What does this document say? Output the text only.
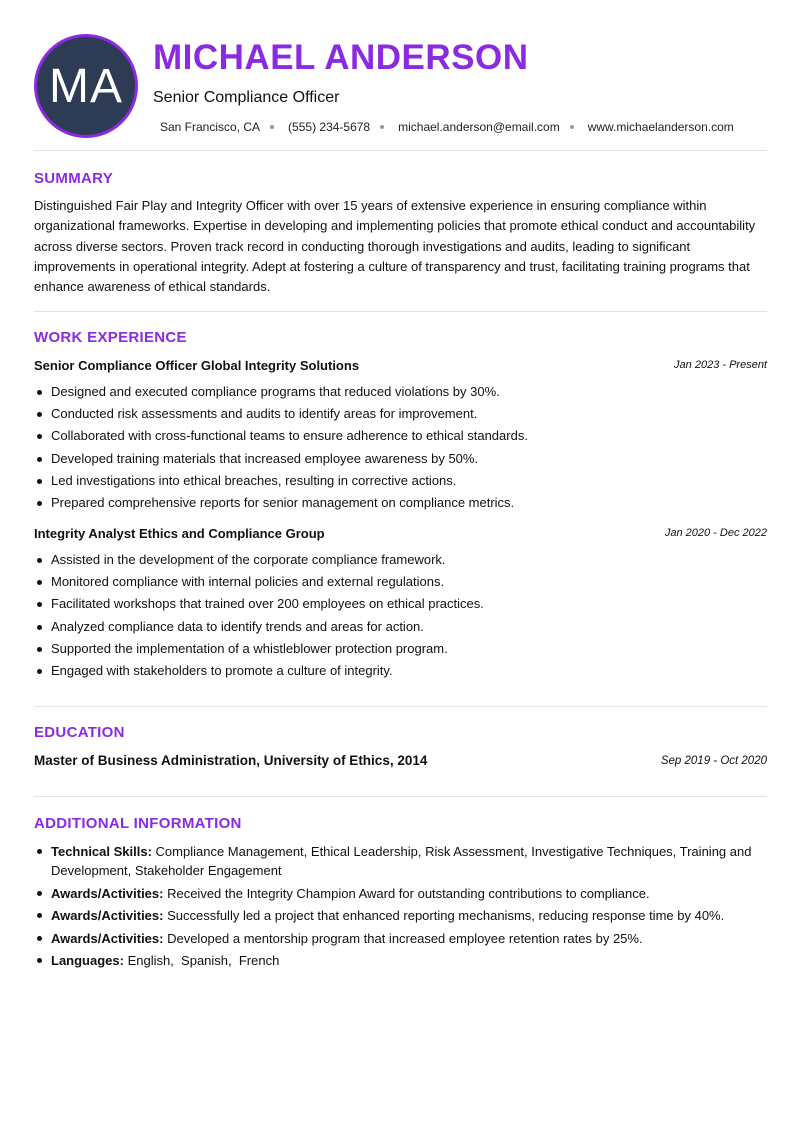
MA
MICHAEL ANDERSON
Senior Compliance Officer
San Francisco, CA (555) 234-5678 michael.anderson@email.com www.michaelanderson.com
SUMMARY
Distinguished Fair Play and Integrity Officer with over 15 years of extensive experience in ensuring compliance within organizational frameworks. Expertise in developing and implementing policies that promote ethical conduct and accountability across diverse sectors. Proven track record in conducting thorough investigations and audits, leading to significant improvements in operational integrity. Adept at fostering a culture of transparency and trust, facilitating training programs that enhance awareness of ethical standards.
WORK EXPERIENCE
Senior Compliance Officer Global Integrity Solutions	Jan 2023 - Present
Designed and executed compliance programs that reduced violations by 30%.
Conducted risk assessments and audits to identify areas for improvement.
Collaborated with cross-functional teams to ensure adherence to ethical standards.
Developed training materials that increased employee awareness by 50%.
Led investigations into ethical breaches, resulting in corrective actions.
Prepared comprehensive reports for senior management on compliance metrics.
Integrity Analyst Ethics and Compliance Group	Jan 2020 - Dec 2022
Assisted in the development of the corporate compliance framework.
Monitored compliance with internal policies and external regulations.
Facilitated workshops that trained over 200 employees on ethical practices.
Analyzed compliance data to identify trends and areas for action.
Supported the implementation of a whistleblower protection program.
Engaged with stakeholders to promote a culture of integrity.
EDUCATION
Master of Business Administration, University of Ethics, 2014	Sep 2019 - Oct 2020
ADDITIONAL INFORMATION
Technical Skills: Compliance Management, Ethical Leadership, Risk Assessment, Investigative Techniques, Training and Development, Stakeholder Engagement
Awards/Activities: Received the Integrity Champion Award for outstanding contributions to compliance.
Awards/Activities: Successfully led a project that enhanced reporting mechanisms, reducing response time by 40%.
Awards/Activities: Developed a mentorship program that increased employee retention rates by 25%.
Languages: English,  Spanish,  French
